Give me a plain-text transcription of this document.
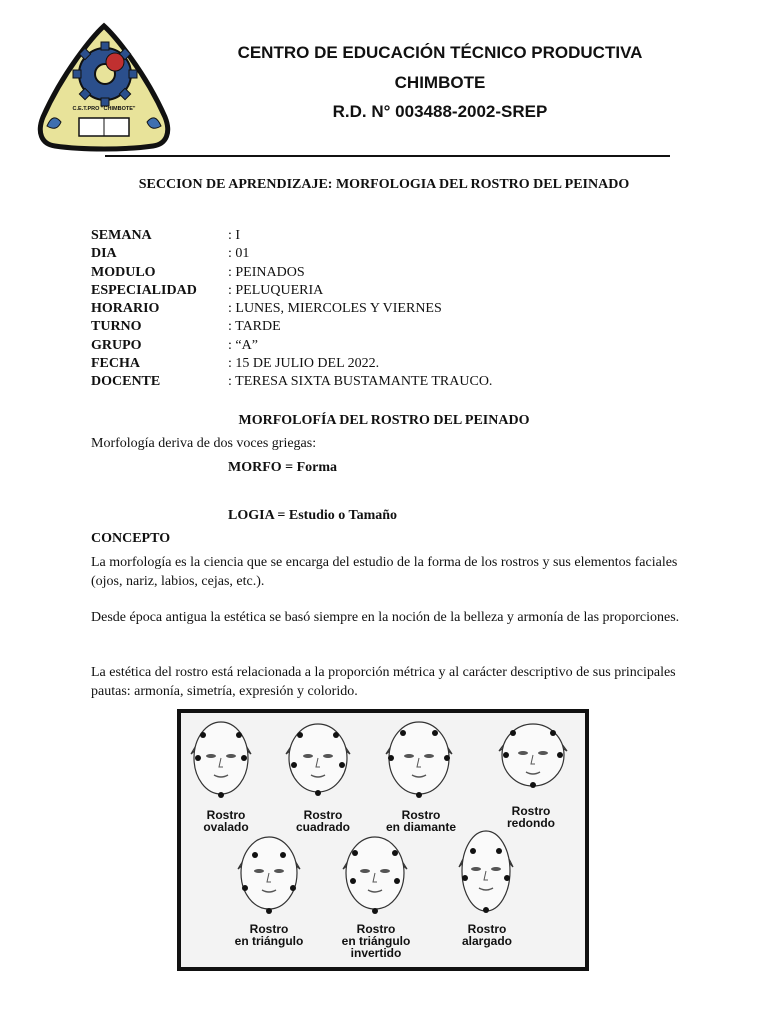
C.E.T.PRO "CHIMBOTE"
CENTRO DE EDUCACIÓN TÉCNICO PRODUCTIVA
CHIMBOTE
R.D. N° 003488-2002-SREP
SECCION DE APRENDIZAJE: MORFOLOGIA DEL ROSTRO DEL PEINADO
SEMANA	: I
DIA	: 01
MODULO	: PEINADOS
ESPECIALIDAD	: PELUQUERIA
HORARIO	: LUNES, MIERCOLES Y VIERNES
TURNO	: TARDE
GRUPO	: “A”
FECHA	: 15 DE JULIO DEL 2022.
DOCENTE	: TERESA SIXTA BUSTAMANTE TRAUCO.
MORFOLOFÍA DEL ROSTRO DEL PEINADO
Morfología deriva de dos voces griegas:
MORFO = Forma
LOGIA = Estudio o Tamaño
CONCEPTO
La morfología es la ciencia que se encarga del estudio de la forma de los rostros y sus elementos faciales (ojos, nariz, labios, cejas, etc.).
Desde época antigua la estética se basó siempre en la noción de la belleza y armonía de las proporciones.
La estética del rostro está relacionada a la proporción métrica y al carácter descriptivo de sus principales pautas: armonía, simetría, expresión y colorido.
Rostro
ovalado
Rostro
cuadrado
Rostro
en diamante
Rostro
redondo
Rostro
en triángulo
Rostro
en triángulo
invertido
Rostro
alargado
